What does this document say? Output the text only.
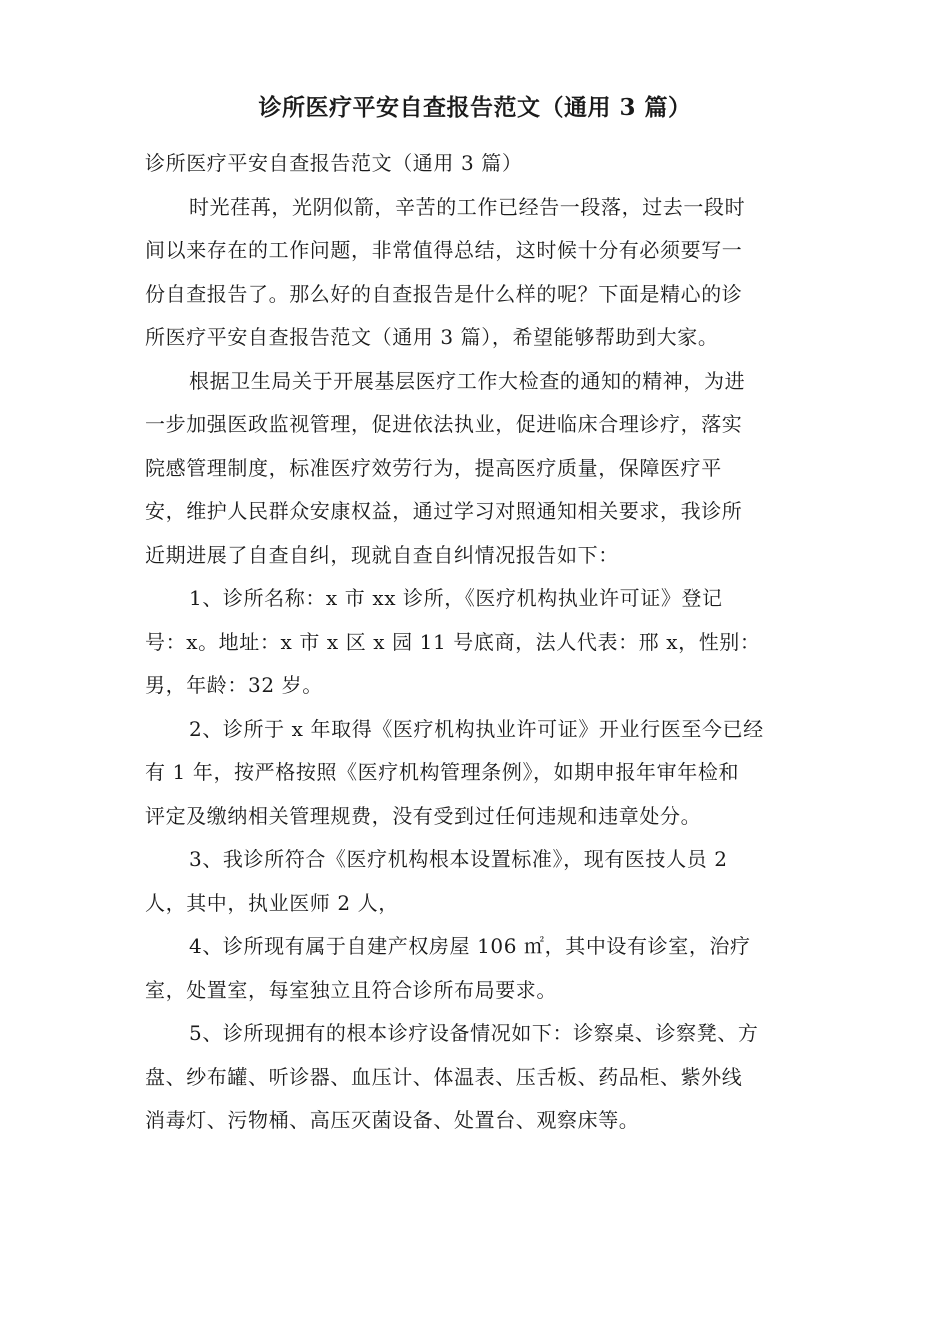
诊所医疗平安自查报告范文（通用 3 篇）
诊所医疗平安自查报告范文（通用 3 篇）
时光荏苒，光阴似箭，辛苦的工作已经告一段落，过去一段时
间以来存在的工作问题，非常值得总结，这时候十分有必须要写一
份自查报告了。那么好的自查报告是什么样的呢？下面是精心的诊
所医疗平安自查报告范文（通用 3 篇），希望能够帮助到大家。
根据卫生局关于开展基层医疗工作大检查的通知的精神，为进
一步加强医政监视管理，促进依法执业，促进临床合理诊疗，落实
院感管理制度，标准医疗效劳行为，提高医疗质量，保障医疗平
安，维护人民群众安康权益，通过学习对照通知相关要求，我诊所
近期进展了自查自纠，现就自查自纠情况报告如下：
1、诊所名称：x 市 xx 诊所，《医疗机构执业许可证》登记
号：x。地址：x 市 x 区 x 园 11 号底商，法人代表：邢 x，性别：
男，年龄：32 岁。
2、诊所于 x 年取得《医疗机构执业许可证》开业行医至今已经
有 1 年，按严格按照《医疗机构管理条例》，如期申报年审年检和
评定及缴纳相关管理规费，没有受到过任何违规和违章处分。
3、我诊所符合《医疗机构根本设置标准》，现有医技人员 2
人，其中，执业医师 2 人，
4、诊所现有属于自建产权房屋 106 ㎡，其中设有诊室，治疗
室，处置室，每室独立且符合诊所布局要求。
5、诊所现拥有的根本诊疗设备情况如下：诊察桌、诊察凳、方
盘、纱布罐、听诊器、血压计、体温表、压舌板、药品柜、紫外线
消毒灯、污物桶、高压灭菌设备、处置台、观察床等。
